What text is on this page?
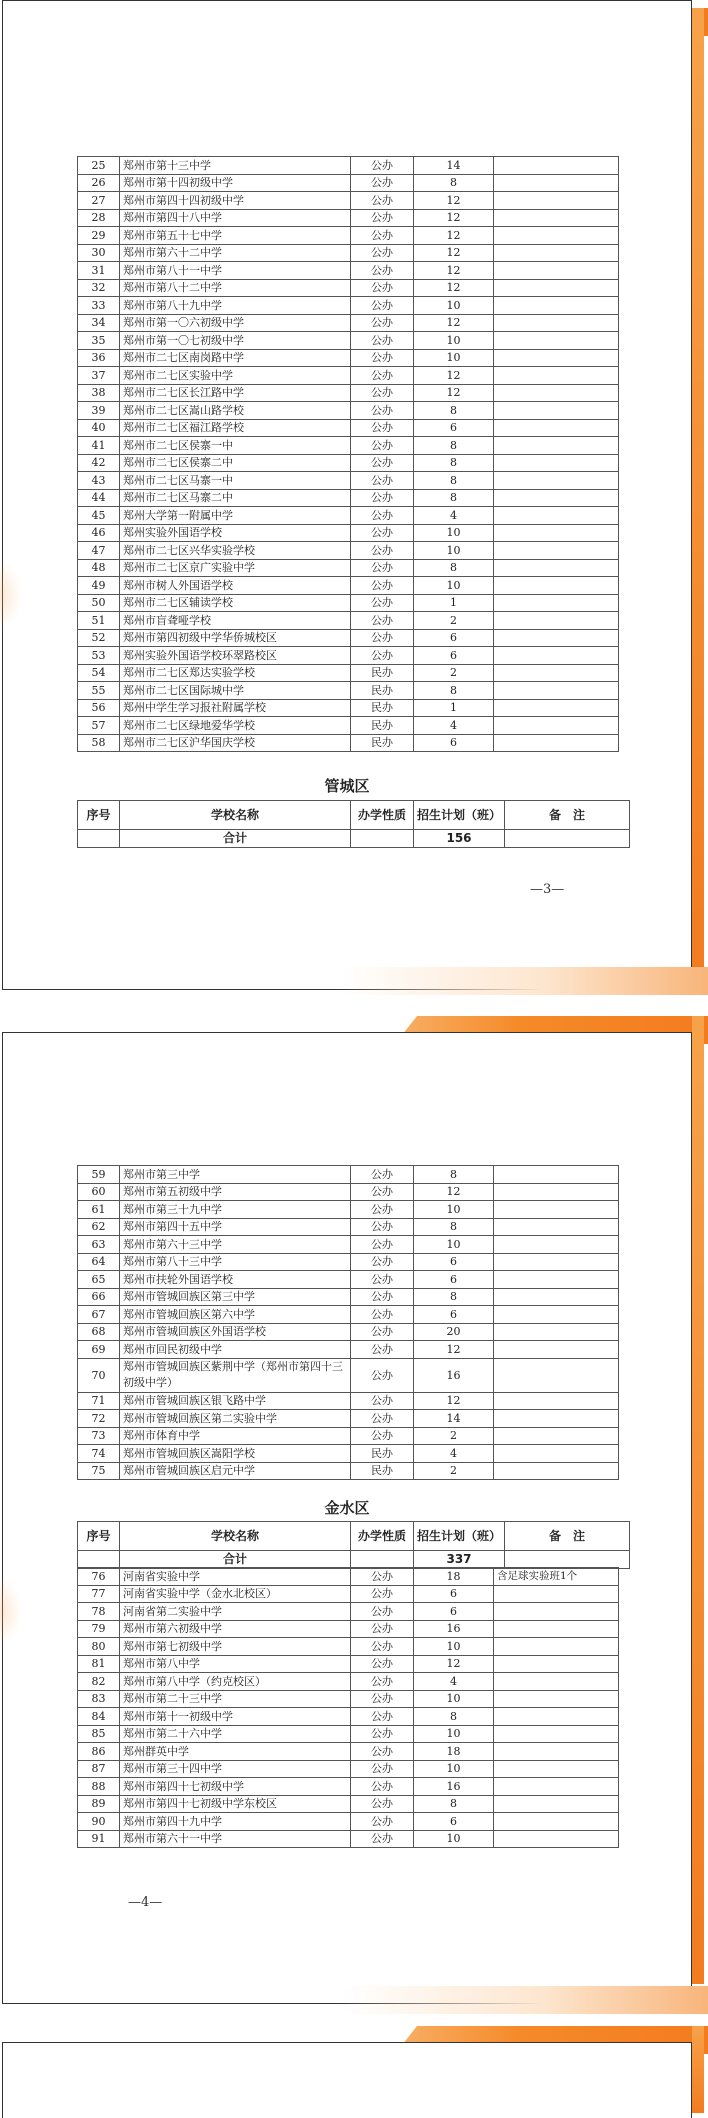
25	郑州市第十三中学	公办	14	
26	郑州市第十四初级中学	公办	8	
27	郑州市第四十四初级中学	公办	12	
28	郑州市第四十八中学	公办	12	
29	郑州市第五十七中学	公办	12	
30	郑州市第六十二中学	公办	12	
31	郑州市第八十一中学	公办	12	
32	郑州市第八十二中学	公办	12	
33	郑州市第八十九中学	公办	10	
34	郑州市第一〇六初级中学	公办	12	
35	郑州市第一〇七初级中学	公办	10	
36	郑州市二七区南岗路中学	公办	10	
37	郑州市二七区实验中学	公办	12	
38	郑州市二七区长江路中学	公办	12	
39	郑州市二七区嵩山路学校	公办	8	
40	郑州市二七区福江路学校	公办	6	
41	郑州市二七区侯寨一中	公办	8	
42	郑州市二七区侯寨二中	公办	8	
43	郑州市二七区马寨一中	公办	8	
44	郑州市二七区马寨二中	公办	8	
45	郑州大学第一附属中学	公办	4	
46	郑州实验外国语学校	公办	10	
47	郑州市二七区兴华实验学校	公办	10	
48	郑州市二七区京广实验中学	公办	8	
49	郑州市树人外国语学校	公办	10	
50	郑州市二七区辅读学校	公办	1	
51	郑州市盲聋哑学校	公办	2	
52	郑州市第四初级中学华侨城校区	公办	6	
53	郑州实验外国语学校环翠路校区	公办	6	
54	郑州市二七区郑达实验学校	民办	2	
55	郑州市二七区国际城中学	民办	8	
56	郑州中学生学习报社附属学校	民办	1	
57	郑州市二七区绿地爱华学校	民办	4	
58	郑州市二七区沪华国庆学校	民办	6	
管城区
序号	学校名称	办学性质	招生计划（班）	备　注
	合计		156	
—3—
59	郑州市第三中学	公办	8	
60	郑州市第五初级中学	公办	12	
61	郑州市第三十九中学	公办	10	
62	郑州市第四十五中学	公办	8	
63	郑州市第六十三中学	公办	10	
64	郑州市第八十三中学	公办	6	
65	郑州市扶轮外国语学校	公办	6	
66	郑州市管城回族区第三中学	公办	8	
67	郑州市管城回族区第六中学	公办	6	
68	郑州市管城回族区外国语学校	公办	20	
69	郑州市回民初级中学	公办	12	
70	郑州市管城回族区紫荆中学（郑州市第四十三初级中学）	公办	16	
71	郑州市管城回族区银飞路中学	公办	12	
72	郑州市管城回族区第二实验中学	公办	14	
73	郑州市体育中学	公办	2	
74	郑州市管城回族区嵩阳学校	民办	4	
75	郑州市管城回族区启元中学	民办	2	
金水区
序号	学校名称	办学性质	招生计划（班）	备　注
	合计		337	
76	河南省实验中学	公办	18	含足球实验班1个
77	河南省实验中学（金水北校区）	公办	6	
78	河南省第二实验中学	公办	6	
79	郑州市第六初级中学	公办	16	
80	郑州市第七初级中学	公办	10	
81	郑州市第八中学	公办	12	
82	郑州市第八中学（约克校区）	公办	4	
83	郑州市第二十三中学	公办	10	
84	郑州市第十一初级中学	公办	8	
85	郑州市第二十六中学	公办	10	
86	郑州群英中学	公办	18	
87	郑州市第三十四中学	公办	10	
88	郑州市第四十七初级中学	公办	16	
89	郑州市第四十七初级中学东校区	公办	8	
90	郑州市第四十九中学	公办	6	
91	郑州市第六十一中学	公办	10	
—4—
